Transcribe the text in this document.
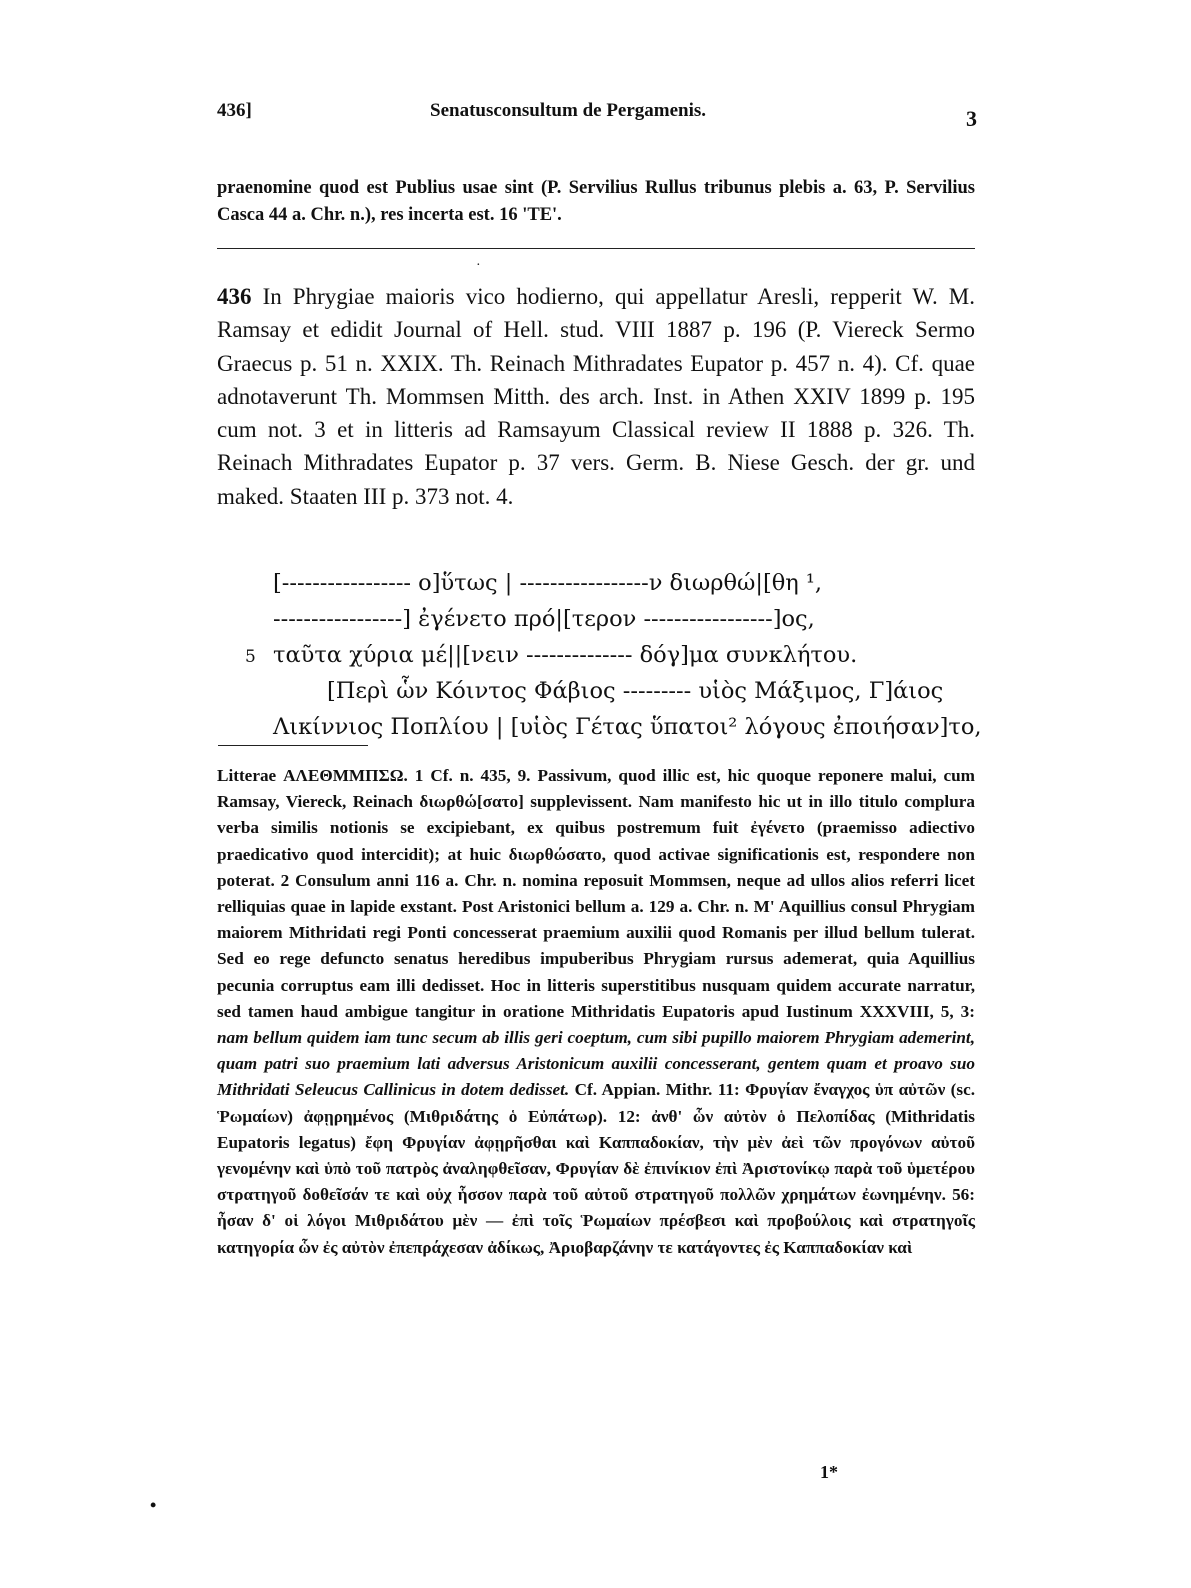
436]	Senatusconsultum de Pergamenis.	3
praenomine quod est Publius usae sint (P. Servilius Rullus tribunus plebis a. 63, P. Servilius Casca 44 a. Chr. n.), res incerta est. 16 'TE'.
·
436 In Phrygiae maioris vico hodierno, qui appellatur Aresli, repperit W. M. Ramsay et edidit Journal of Hell. stud. VIII 1887 p. 196 (P. Viereck Sermo Graecus p. 51 n. XXIX. Th. Reinach Mithradates Eupator p. 457 n. 4). Cf. quae adnotaverunt Th. Mommsen Mitth. des arch. Inst. in Athen XXIV 1899 p. 195 cum not. 3 et in litteris ad Ramsayum Classical review II 1888 p. 326. Th. Reinach Mithradates Eupator p. 37 vers. Germ. B. Niese Gesch. der gr. und maked. Staaten III p. 373 not. 4.
[----------------- ο]ὕτως | -----------------ν διωρθώ|[θη ¹,
-----------------] ἐγένετο πρό|[τερον -----------------]ος,
5 ταῦτα χύρια μέ||[νειν -------------- δόγ]μα συνκλήτου.
[Περὶ ὧν Κόιντος Φάβιος --------- υἱὸς Μάξιμος, Γ]άιος
Λικίννιος Ποπλίου | [υἱὸς Γέτας ὕπατοι² λόγους ἐποιήσαν]το,
Litterae ΑΛΕΘΜΜΠΣΩ. 1 Cf. n. 435, 9. Passivum, quod illic est, hic quoque reponere malui, cum Ramsay, Viereck, Reinach διωρθώ[σατο] supplevissent. Nam manifesto hic ut in illo titulo complura verba similis notionis se excipiebant, ex quibus postremum fuit ἐγένετο (praemisso adiectivo praedicativo quod intercidit); at huic διωρθώσατο, quod activae significationis est, respondere non poterat. 2 Consulum anni 116 a. Chr. n. nomina reposuit Mommsen, neque ad ullos alios referri licet relliquias quae in lapide exstant. Post Aristonici bellum a. 129 a. Chr. n. M' Aquillius consul Phrygiam maiorem Mithridati regi Ponti concesserat praemium auxilii quod Romanis per illud bellum tulerat. Sed eo rege defuncto senatus heredibus impuberibus Phrygiam rursus ademerat, quia Aquillius pecunia corruptus eam illi dedisset. Hoc in litteris superstitibus nusquam quidem accurate narratur, sed tamen haud ambigue tangitur in oratione Mithridatis Eupatoris apud Iustinum XXXVIII, 5, 3: nam bellum quidem iam tunc secum ab illis geri coeptum, cum sibi pupillo maiorem Phrygiam ademerint, quam patri suo praemium lati adversus Aristonicum auxilii concesserant, gentem quam et proavo suo Mithridati Seleucus Callinicus in dotem dedisset. Cf. Appian. Mithr. 11: Φρυγίαν ἔναγχος ὑπ αὐτῶν (sc. Ῥωμαίων) ἀφῃρημένος (Μιθριδάτης ὁ Εὐπάτωρ). 12: ἀνθ' ὧν αὐτὸν ὁ Πελοπίδας (Mithridatis Eupatoris legatus) ἔφη Φρυγίαν ἀφῃρῆσθαι καὶ Καππαδοκίαν, τὴν μὲν ἀεὶ τῶν προγόνων αὐτοῦ γενομένην καὶ ὑπὸ τοῦ πατρὸς ἀναληφθεῖσαν, Φρυγίαν δὲ ἐπινίκιον ἐπὶ Ἀριστονίκῳ παρὰ τοῦ ὑμετέρου στρατηγοῦ δοθεῖσάν τε καὶ οὐχ ἧσσον παρὰ τοῦ αὐτοῦ στρατηγοῦ πολλῶν χρημάτων ἐωνημένην. 56: ἦσαν δ' οἱ λόγοι Μιθριδάτου μὲν — ἐπὶ τοῖς Ῥωμαίων πρέσβεσι καὶ προβούλοις καὶ στρατηγοῖς κατηγορία ὧν ἐς αὐτὸν ἐπεπράχεσαν ἀδίκως, Ἀριοβαρζάνην τε κατάγοντες ἐς Καππαδοκίαν καὶ
1*
•
